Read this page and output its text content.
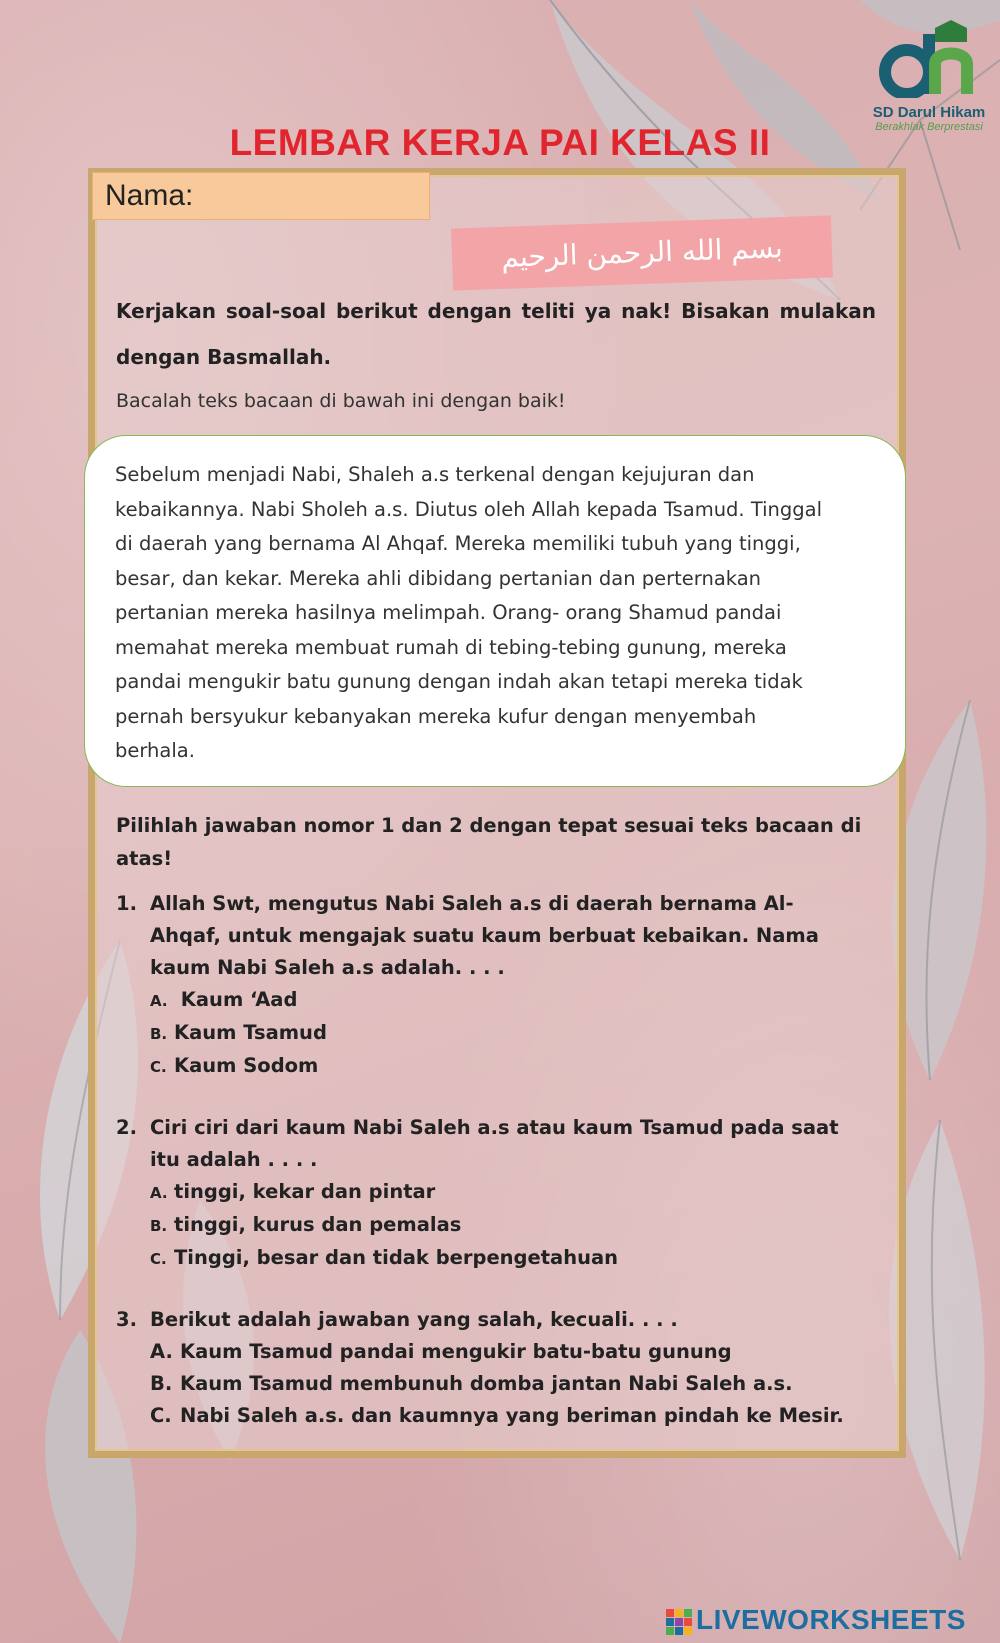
LEMBAR KERJA PAI KELAS II
SD Darul Hikam
Berakhlak Berprestasi
Nama:
بسم الله الرحمن الرحيم
Kerjakan soal-soal berikut dengan teliti ya nak! Bisakan mulakan dengan Basmallah.
Bacalah teks bacaan di bawah ini dengan baik!
Sebelum menjadi Nabi, Shaleh a.s terkenal dengan kejujuran dan
kebaikannya. Nabi Sholeh a.s. Diutus oleh Allah kepada Tsamud. Tinggal
di daerah yang bernama Al Ahqaf. Mereka memiliki tubuh yang tinggi,
besar, dan kekar. Mereka ahli dibidang pertanian dan perternakan
pertanian mereka hasilnya melimpah. Orang- orang Shamud pandai
memahat mereka membuat rumah di tebing-tebing gunung, mereka
pandai mengukir batu gunung dengan indah akan tetapi mereka tidak
pernah bersyukur kebanyakan mereka kufur dengan menyembah
berhala.
Pilihlah jawaban nomor 1 dan 2 dengan tepat sesuai teks bacaan di atas!
1. Allah Swt, mengutus Nabi Saleh a.s di daerah bernama Al-
Ahqaf, untuk mengajak suatu kaum berbuat kebaikan. Nama
kaum Nabi Saleh a.s adalah. . . .
A. Kaum ‘Aad
B. Kaum Tsamud
C. Kaum Sodom
2. Ciri ciri dari kaum Nabi Saleh a.s atau kaum Tsamud pada saat
itu adalah . . . .
A. tinggi, kekar dan pintar
B. tinggi, kurus dan pemalas
C. Tinggi, besar dan tidak berpengetahuan
3. Berikut adalah jawaban yang salah, kecuali. . . .
A. Kaum Tsamud pandai mengukir batu-batu gunung
B. Kaum Tsamud membunuh domba jantan Nabi Saleh a.s.
C. Nabi Saleh a.s. dan kaumnya yang beriman pindah ke Mesir.
LIVEWORKSHEETS
